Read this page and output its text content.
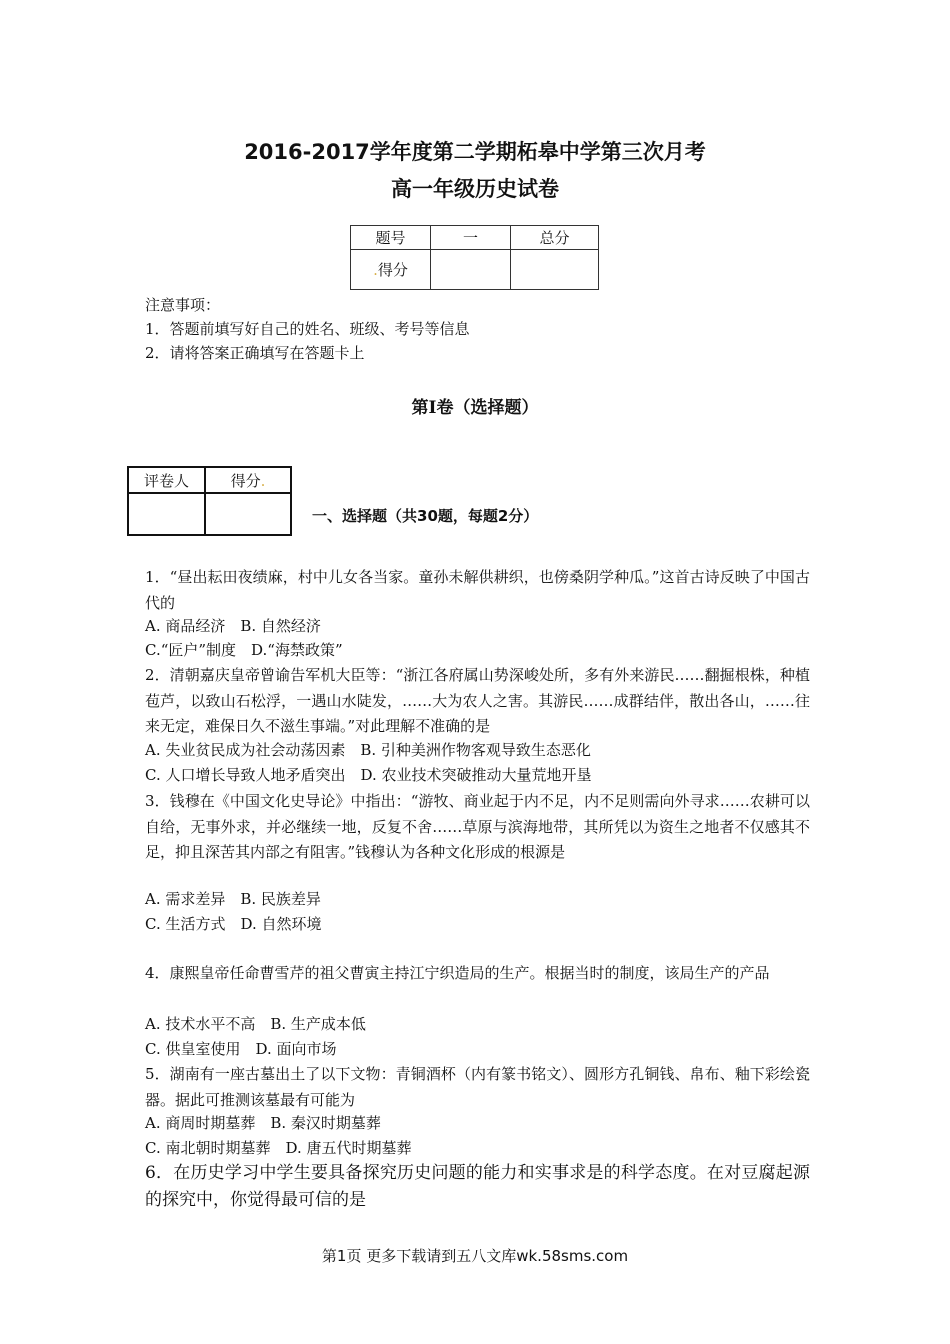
2016-2017学年度第二学期柘皋中学第三次月考
高一年级历史试卷
题号	一	总分
.得分		
注意事项：
1．答题前填写好自己的姓名、班级、考号等信息
2．请将答案正确填写在答题卡上
第I卷（选择题）
评卷人	得分.

一、选择题（共30题，每题2分）
1．“昼出耘田夜绩麻，村中儿女各当家。童孙未解供耕织，也傍桑阴学种瓜。”这首古诗反映了中国古代的
A. 商品经济　B. 自然经济
C.“匠户”制度　D.“海禁政策”
2．清朝嘉庆皇帝曾谕告军机大臣等：“浙江各府属山势深峻处所，多有外来游民……翻掘根株，种植苞芦，以致山石松浮，一遇山水陡发，……大为农人之害。其游民……成群结伴，散出各山，……往来无定，难保日久不滋生事端。”对此理解不准确的是
A. 失业贫民成为社会动荡因素　B. 引种美洲作物客观导致生态恶化
C. 人口增长导致人地矛盾突出　D. 农业技术突破推动大量荒地开垦
3．钱穆在《中国文化史导论》中指出：“游牧、商业起于内不足，内不足则需向外寻求……农耕可以自给，无事外求，并必继续一地，反复不舍……草原与滨海地带，其所凭以为资生之地者不仅感其不足，抑且深苦其内部之有阻害。”钱穆认为各种文化形成的根源是
A. 需求差异　B. 民族差异
C. 生活方式　D. 自然环境
4．康熙皇帝任命曹雪芹的祖父曹寅主持江宁织造局的生产。根据当时的制度，该局生产的产品
A. 技术水平不高　B. 生产成本低
C. 供皇室使用　D. 面向市场
5．湖南有一座古墓出土了以下文物：青铜酒杯（内有篆书铭文）、圆形方孔铜钱、帛布、釉下彩绘瓷器。据此可推测该墓最有可能为
A. 商周时期墓葬　B. 秦汉时期墓葬
C. 南北朝时期墓葬　D. 唐五代时期墓葬
6．在历史学习中学生要具备探究历史问题的能力和实事求是的科学态度。在对豆腐起源的探究中，你觉得最可信的是
第1页 更多下载请到五八文库wk.58sms.com
